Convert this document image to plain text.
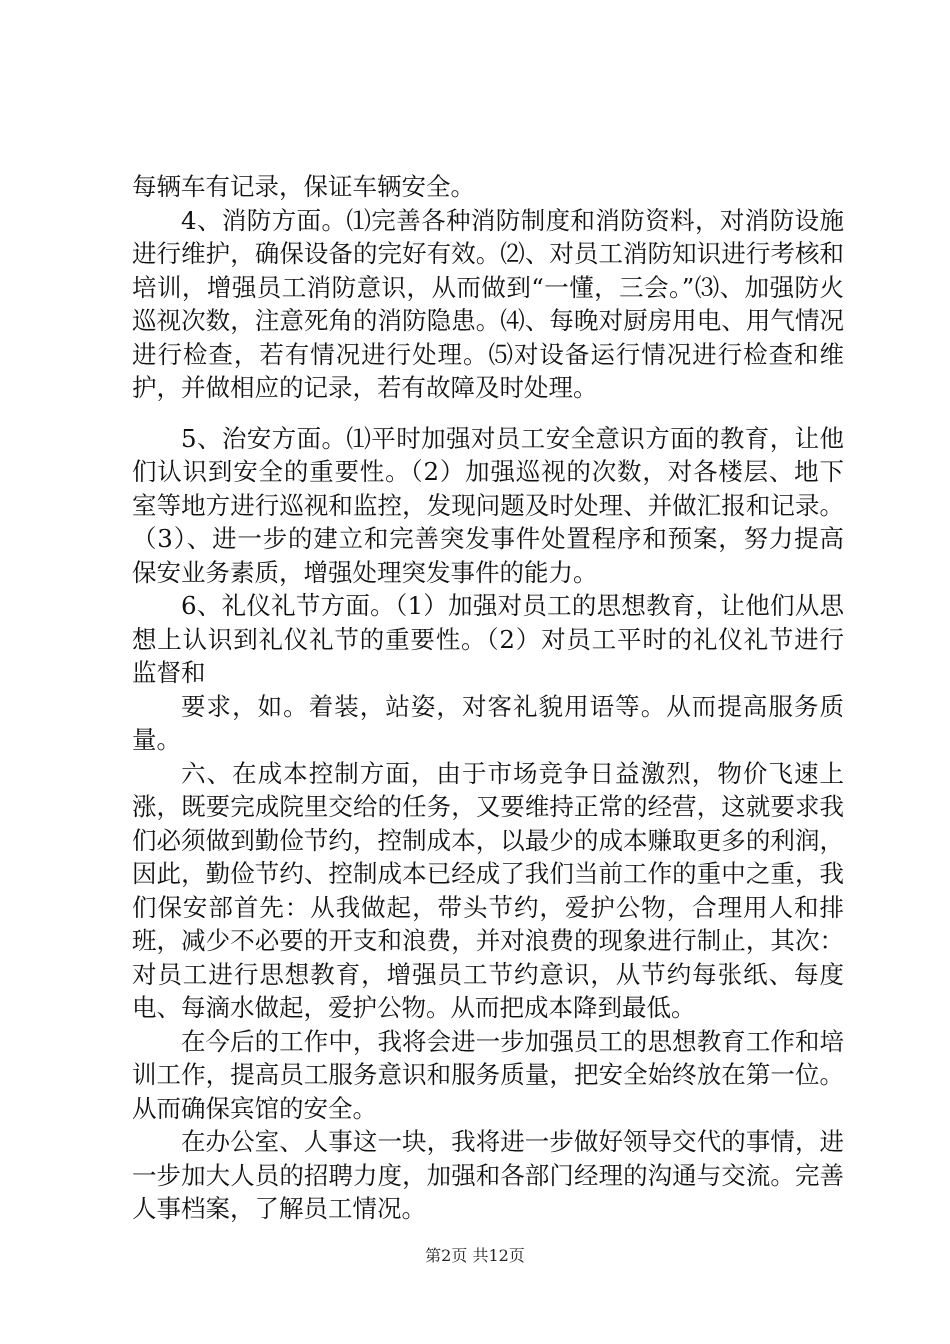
每辆车有记录，保证车辆安全。

4、消防方面。⑴完善各种消防制度和消防资料，对消防设施进行维护，确保设备的完好有效。⑵、对员工消防知识进行考核和培训，增强员工消防意识，从而做到“一懂，三会。”⑶、加强防火巡视次数，注意死角的消防隐患。⑷、每晚对厨房用电、用气情况进行检查，若有情况进行处理。⑸对设备运行情况进行检查和维护，并做相应的记录，若有故障及时处理。

5、治安方面。⑴平时加强对员工安全意识方面的教育，让他们认识到安全的重要性。（2）加强巡视的次数，对各楼层、地下室等地方进行巡视和监控，发现问题及时处理、并做汇报和记录。（3）、进一步的建立和完善突发事件处置程序和预案，努力提高保安业务素质，增强处理突发事件的能力。

6、礼仪礼节方面。（1）加强对员工的思想教育，让他们从思想上认识到礼仪礼节的重要性。（2）对员工平时的礼仪礼节进行监督和

要求，如。着装，站姿，对客礼貌用语等。从而提高服务质量。

六、在成本控制方面，由于市场竞争日益激烈，物价飞速上涨，既要完成院里交给的任务，又要维持正常的经营，这就要求我们必须做到勤俭节约，控制成本，以最少的成本赚取更多的利润，因此，勤俭节约、控制成本已经成了我们当前工作的重中之重，我们保安部首先：从我做起，带头节约，爱护公物，合理用人和排班，减少不必要的开支和浪费，并对浪费的现象进行制止，其次：对员工进行思想教育，增强员工节约意识，从节约每张纸、每度电、每滴水做起，爱护公物。从而把成本降到最低。

在今后的工作中，我将会进一步加强员工的思想教育工作和培训工作，提高员工服务意识和服务质量，把安全始终放在第一位。从而确保宾馆的安全。

在办公室、人事这一块，我将进一步做好领导交代的事情，进一步加大人员的招聘力度，加强和各部门经理的沟通与交流。完善人事档案，了解员工情况。

第2页 共12页
